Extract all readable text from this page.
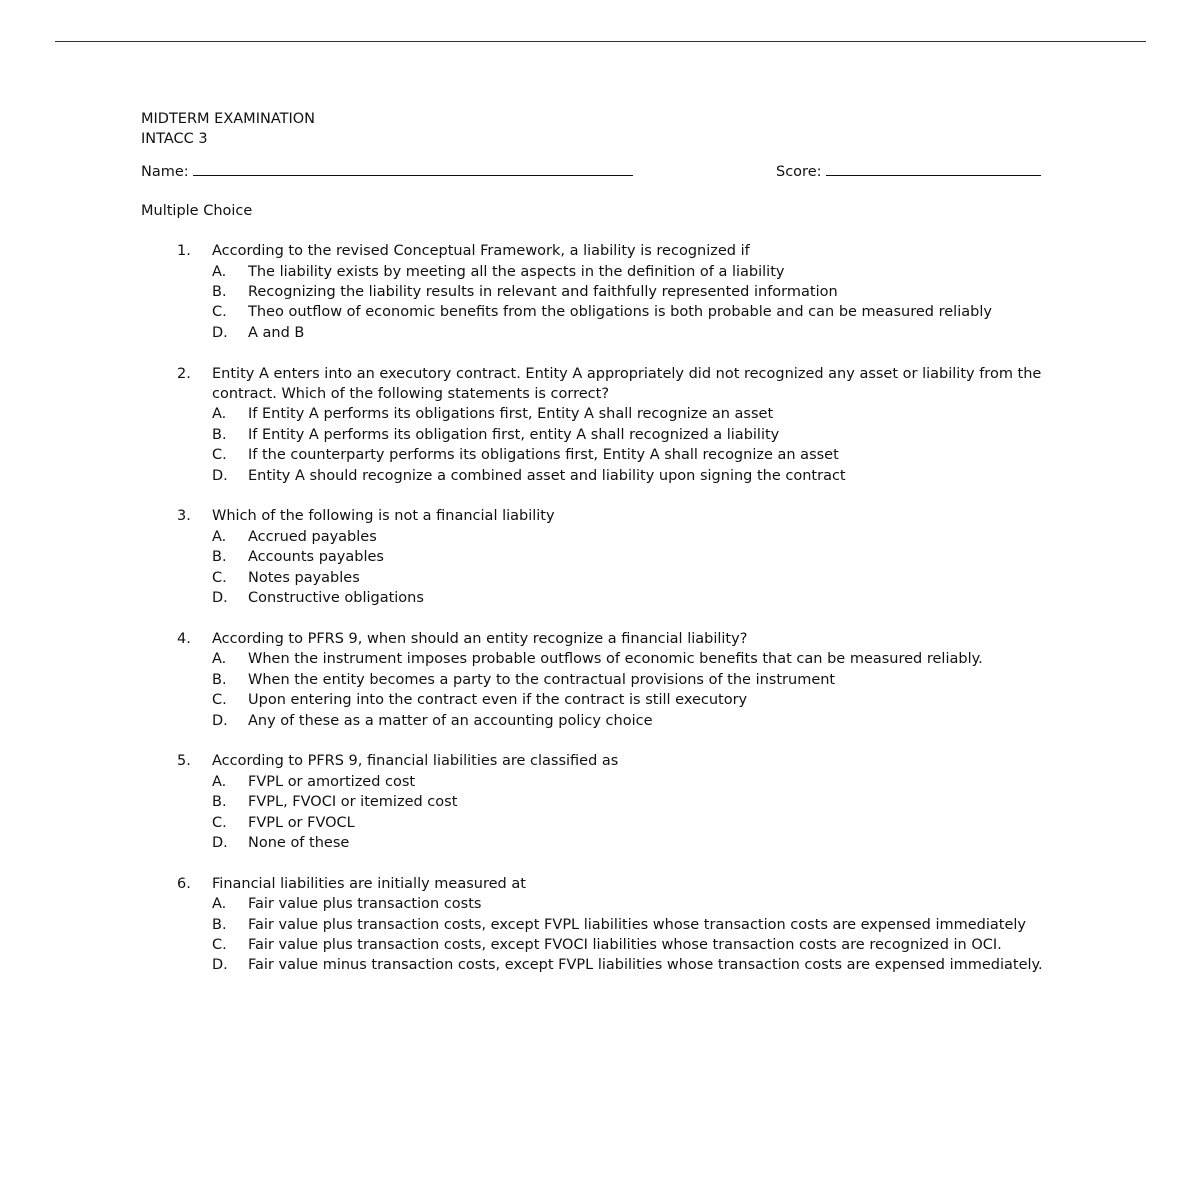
MIDTERM EXAMINATION
INTACC 3
Name:	Score:
Multiple Choice
1. According to the revised Conceptual Framework, a liability is recognized if
A. The liability exists by meeting all the aspects in the definition of a liability
B. Recognizing the liability results in relevant and faithfully represented information
C. Theo outflow of economic benefits from the obligations is both probable and can be measured reliably
D. A and B
2. Entity A enters into an executory contract. Entity A appropriately did not recognized any asset or liability from the contract. Which of the following statements is correct?
A. If Entity A performs its obligations first, Entity A shall recognize an asset
B. If Entity A performs its obligation first, entity A shall recognized a liability
C. If the counterparty performs its obligations first, Entity A shall recognize an asset
D. Entity A should recognize a combined asset and liability upon signing the contract
3. Which of the following is not a financial liability
A. Accrued payables
B. Accounts payables
C. Notes payables
D. Constructive obligations
4. According to PFRS 9, when should an entity recognize a financial liability?
A. When the instrument imposes probable outflows of economic benefits that can be measured reliably.
B. When the entity becomes a party to the contractual provisions of the instrument
C. Upon entering into the contract even if the contract is still executory
D. Any of these as a matter of an accounting policy choice
5. According to PFRS 9, financial liabilities are classified as
A. FVPL or amortized cost
B. FVPL, FVOCI or itemized cost
C. FVPL or FVOCL
D. None of these
6. Financial liabilities are initially measured at
A. Fair value plus transaction costs
B. Fair value plus transaction costs, except FVPL liabilities whose transaction costs are expensed immediately
C. Fair value plus transaction costs, except FVOCI liabilities whose transaction costs are recognized in OCI.
D. Fair value minus transaction costs, except FVPL liabilities whose transaction costs are expensed immediately.
